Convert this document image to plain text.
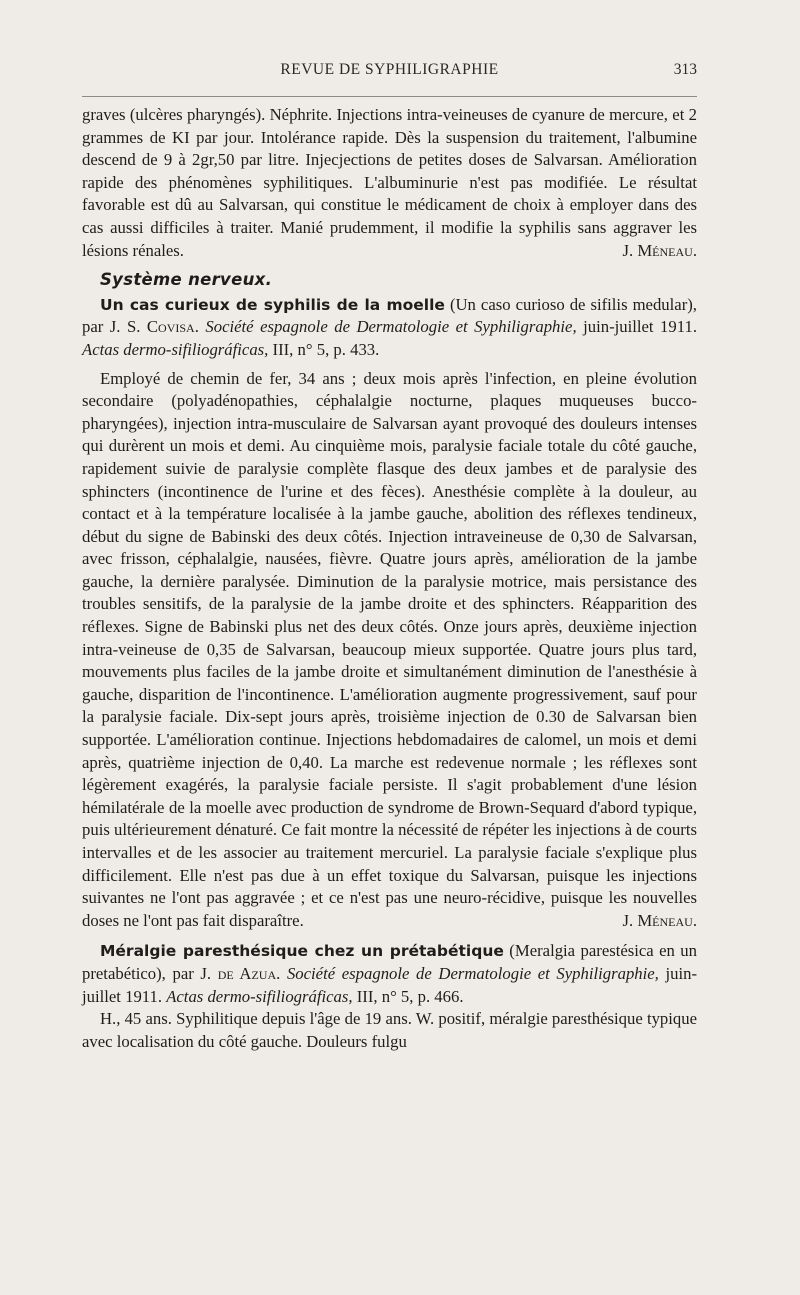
REVUE DE SYPHILIGRAPHIE	313

graves (ulcères pharyngés). Néphrite. Injections intra-veineuses de cyanure de mercure, et 2 grammes de KI par jour. Intolérance rapide. Dès la suspension du traitement, l'albumine descend de 9 à 2gr,50 par litre. Injecjections de petites doses de Salvarsan. Amélioration rapide des phénomènes syphilitiques. L'albuminurie n'est pas modifiée. Le résultat favorable est dû au Salvarsan, qui constitue le médicament de choix à employer dans des cas aussi difficiles à traiter. Manié prudemment, il modifie la syphilis sans aggraver les lésions rénales.	J. Méneau.

Système nerveux.

Un cas curieux de syphilis de la moelle (Un caso curioso de sifilis medular), par J. S. Covisa. Société espagnole de Dermatologie et Syphiligraphie, juin-juillet 1911. Actas dermo-sifiliográficas, III, n° 5, p. 433.

Employé de chemin de fer, 34 ans ; deux mois après l'infection, en pleine évolution secondaire (polyadénopathies, céphalalgie nocturne, plaques muqueuses bucco-pharyngées), injection intra-musculaire de Salvarsan ayant provoqué des douleurs intenses qui durèrent un mois et demi. Au cinquième mois, paralysie faciale totale du côté gauche, rapidement suivie de paralysie complète flasque des deux jambes et de paralysie des sphincters (incontinence de l'urine et des fèces). Anesthésie complète à la douleur, au contact et à la température localisée à la jambe gauche, abolition des réflexes tendineux, début du signe de Babinski des deux côtés. Injection intraveineuse de 0,30 de Salvarsan, avec frisson, céphalalgie, nausées, fièvre. Quatre jours après, amélioration de la jambe gauche, la dernière paralysée. Diminution de la paralysie motrice, mais persistance des troubles sensitifs, de la paralysie de la jambe droite et des sphincters. Réapparition des réflexes. Signe de Babinski plus net des deux côtés. Onze jours après, deuxième injection intra-veineuse de 0,35 de Salvarsan, beaucoup mieux supportée. Quatre jours plus tard, mouvements plus faciles de la jambe droite et simultanément diminution de l'anesthésie à gauche, disparition de l'incontinence. L'amélioration augmente progressivement, sauf pour la paralysie faciale. Dix-sept jours après, troisième injection de 0.30 de Salvarsan bien supportée. L'amélioration continue. Injections hebdomadaires de calomel, un mois et demi après, quatrième injection de 0,40. La marche est redevenue normale ; les réflexes sont légèrement exagérés, la paralysie faciale persiste. Il s'agit probablement d'une lésion hémilatérale de la moelle avec production de syndrome de Brown-Sequard d'abord typique, puis ultérieurement dénaturé. Ce fait montre la nécessité de répéter les injections à de courts intervalles et de les associer au traitement mercuriel. La paralysie faciale s'explique plus difficilement. Elle n'est pas due à un effet toxique du Salvarsan, puisque les injections suivantes ne l'ont pas aggravée ; et ce n'est pas une neuro-récidive, puisque les nouvelles doses ne l'ont pas fait disparaître.	J. Méneau.

Méralgie paresthésique chez un prétabétique (Meralgia parestésica en un pretabético), par J. de Azua. Société espagnole de Dermatologie et Syphiligraphie, juin-juillet 1911. Actas dermo-sifiliográficas, III, n° 5, p. 466.

H., 45 ans. Syphilitique depuis l'âge de 19 ans. W. positif, méralgie paresthésique typique avec localisation du côté gauche. Douleurs fulgu
